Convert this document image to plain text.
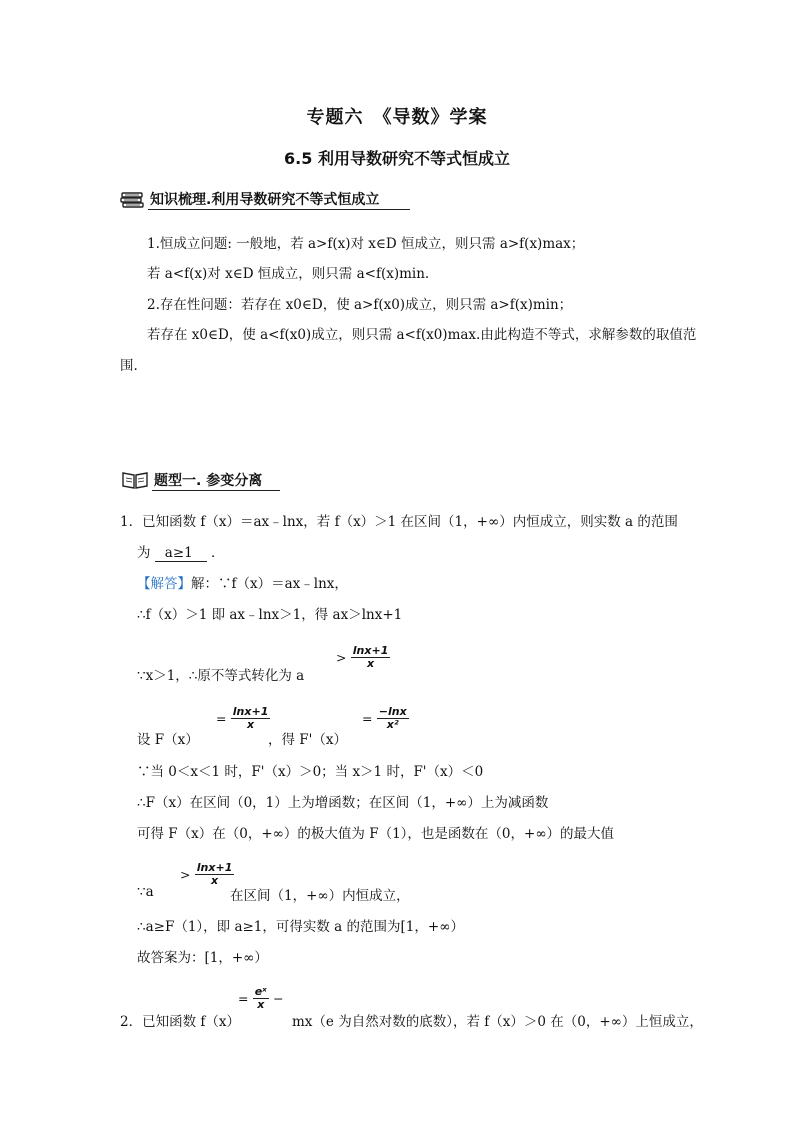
专题六　《导数》学案
6.5 利用导数研究不等式恒成立
知识梳理.利用导数研究不等式恒成立
1.恒成立问题: 一般地，若 a>f(x)对 x∈D 恒成立，则只需 a>f(x)max；
若 a<f(x)对 x∈D 恒成立，则只需 a<f(x)min.
2.存在性问题：若存在 x0∈D，使 a>f(x0)成立，则只需 a>f(x)min；
若存在 x0∈D，使 a<f(x0)成立，则只需 a<f(x0)max.由此构造不等式，求解参数的取值范
围.
题型一. 参变分离
1．已知函数 f（x）＝ax﹣lnx，若 f（x）＞1 在区间（1，+∞）内恒成立，则实数 a 的范围
为 a≥1 ．
【解答】解：∵f（x）＝ax﹣lnx，
∴f（x）＞1 即 ax﹣lnx＞1，得 ax＞lnx+1
∵x＞1，∴原不等式转化为 a
> $\frac{\ln x+1}{x}$
设 F（x）
= $\frac{\ln x+1}{x}$
，得 F'（x）
= $\frac{-\ln x}{\text{x²}}$
∵当 0＜x＜1 时，F'（x）＞0；当 x＞1 时，F'（x）＜0
∴F（x）在区间（0，1）上为增函数；在区间（1，+∞）上为减函数
可得 F（x）在（0，+∞）的极大值为 F（1），也是函数在（0，+∞）的最大值
∵a
> $\frac{\ln x+1}{x}$
在区间（1，+∞）内恒成立，
∴a≥F（1），即 a≥1，可得实数 a 的范围为[1，+∞）
故答案为：[1，+∞）
2．已知函数 f（x）
= $\frac{\text{eˣ}}{x}$ −
mx（e 为自然对数的底数），若 f（x）＞0 在（0，+∞）上恒成立，
